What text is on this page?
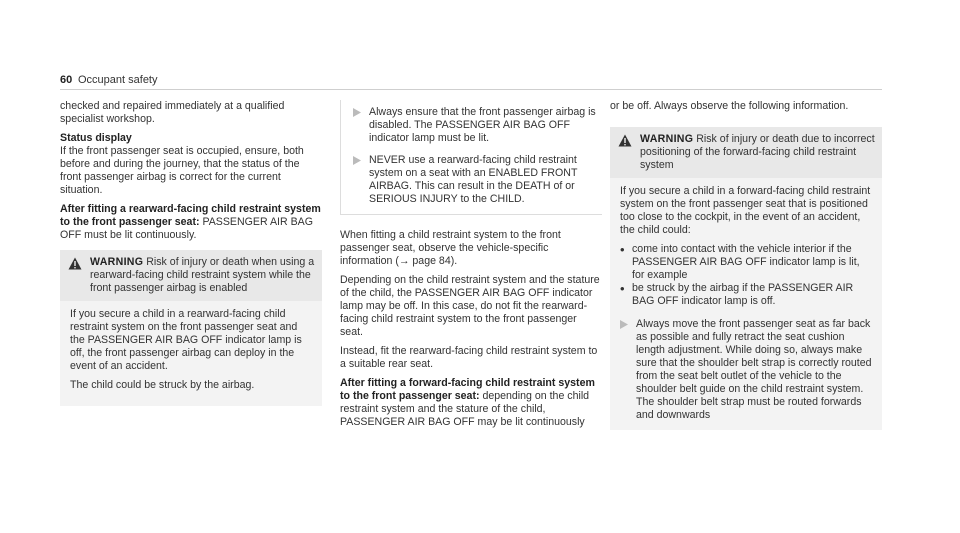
60 Occupant safety

checked and repaired immediately at a qualified specialist workshop.

Status display
If the front passenger seat is occupied, ensure, both before and during the journey, that the status of the front passenger airbag is correct for the current situation.

After fitting a rearward-facing child restraint system to the front passenger seat: PASSENGER AIR BAG OFF must be lit continuously.

WARNING Risk of injury or death when using a rearward-facing child restraint system while the front passenger airbag is enabled

If you secure a child in a rearward-facing child restraint system on the front passenger seat and the PASSENGER AIR BAG OFF indicator lamp is off, the front passenger airbag can deploy in the event of an accident.

The child could be struck by the airbag.

Always ensure that the front passenger airbag is disabled. The PASSENGER AIR BAG OFF indicator lamp must be lit.
NEVER use a rearward-facing child restraint system on a seat with an ENABLED FRONT AIRBAG. This can result in the DEATH of or SERIOUS INJURY to the CHILD.

When fitting a child restraint system to the front passenger seat, observe the vehicle-specific information (→ page 84).

Depending on the child restraint system and the stature of the child, the PASSENGER AIR BAG OFF indicator lamp may be off. In this case, do not fit the rearward-facing child restraint system to the front passenger seat.

Instead, fit the rearward-facing child restraint system to a suitable rear seat.

After fitting a forward-facing child restraint system to the front passenger seat: depending on the child restraint system and the stature of the child, PASSENGER AIR BAG OFF may be lit continuously

or be off. Always observe the following information.

WARNING Risk of injury or death due to incorrect positioning of the forward-facing child restraint system

If you secure a child in a forward-facing child restraint system on the front passenger seat that is positioned too close to the cockpit, in the event of an accident, the child could:

• come into contact with the vehicle interior if the PASSENGER AIR BAG OFF indicator lamp is lit, for example
• be struck by the airbag if the PASSENGER AIR BAG OFF indicator lamp is off.
Always move the front passenger seat as far back as possible and fully retract the seat cushion length adjustment. While doing so, always make sure that the shoulder belt strap is correctly routed from the seat belt outlet of the vehicle to the shoulder belt guide on the child restraint system. The shoulder belt strap must be routed forwards and downwards
